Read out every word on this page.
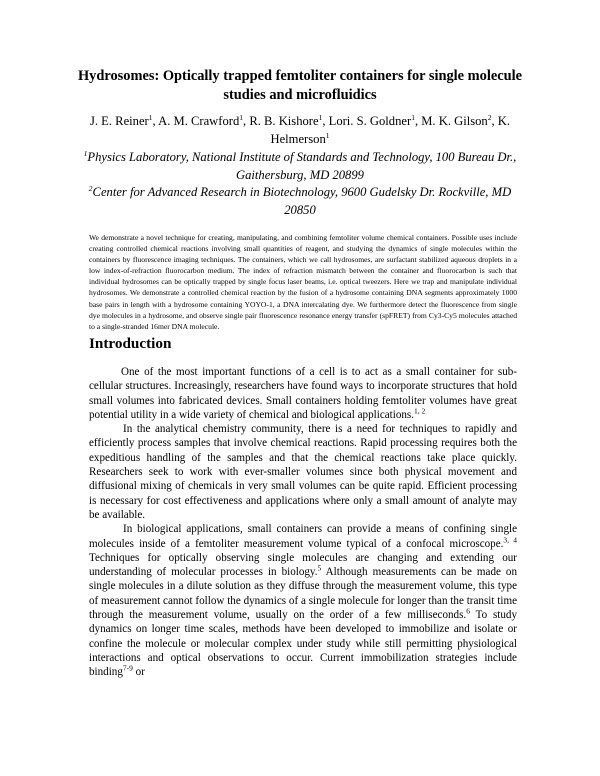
Hydrosomes: Optically trapped femtoliter containers for single molecule studies and microfluidics
J. E. Reiner$^1$, A. M. Crawford$^1$, R. B. Kishore$^1$, Lori. S. Goldner$^1$, M. K. Gilson$^2$, K. Helmerson$^1$
$^1$Physics Laboratory, National Institute of Standards and Technology, 100 Bureau Dr., Gaithersburg, MD 20899
$^2$Center for Advanced Research in Biotechnology, 9600 Gudelsky Dr. Rockville, MD 20850
We demonstrate a novel technique for creating, manipulating, and combining femtoliter volume chemical containers. Possible uses include creating controlled chemical reactions involving small quantities of reagent, and studying the dynamics of single molecules within the containers by fluorescence imaging techniques. The containers, which we call hydrosomes, are surfactant stabilized aqueous droplets in a low index-of-refraction fluorocarbon medium. The index of refraction mismatch between the container and fluorocarbon is such that individual hydrosomes can be optically trapped by single focus laser beams, i.e. optical tweezers. Here we trap and manipulate individual hydrosomes. We demonstrate a controlled chemical reaction by the fusion of a hydrosome containing DNA segments approximately 1000 base pairs in length with a hydrosome containing YOYO-1, a DNA intercalating dye. We furthermore detect the fluorescence from single dye molecules in a hydrosome, and observe single pair fluorescence resonance energy transfer (spFRET) from Cy3-Cy5 molecules attached to a single-stranded 16mer DNA molecule.
Introduction

One of the most important functions of a cell is to act as a small container for sub-cellular structures. Increasingly, researchers have found ways to incorporate structures that hold small volumes into fabricated devices. Small containers holding femtoliter volumes have great potential utility in a wide variety of chemical and biological applications.$^{1, 2}$

In the analytical chemistry community, there is a need for techniques to rapidly and efficiently process samples that involve chemical reactions. Rapid processing requires both the expeditious handling of the samples and that the chemical reactions take place quickly. Researchers seek to work with ever-smaller volumes since both physical movement and diffusional mixing of chemicals in very small volumes can be quite rapid. Efficient processing is necessary for cost effectiveness and applications where only a small amount of analyte may be available.

In biological applications, small containers can provide a means of confining single molecules inside of a femtoliter measurement volume typical of a confocal microscope.$^{3, 4}$ Techniques for optically observing single molecules are changing and extending our understanding of molecular processes in biology.$^5$ Although measurements can be made on single molecules in a dilute solution as they diffuse through the measurement volume, this type of measurement cannot follow the dynamics of a single molecule for longer than the transit time through the measurement volume, usually on the order of a few milliseconds.$^6$ To study dynamics on longer time scales, methods have been developed to immobilize and isolate or confine the molecule or molecular complex under study while still permitting physiological interactions and optical observations to occur. Current immobilization strategies include binding$^{7-9}$ or
